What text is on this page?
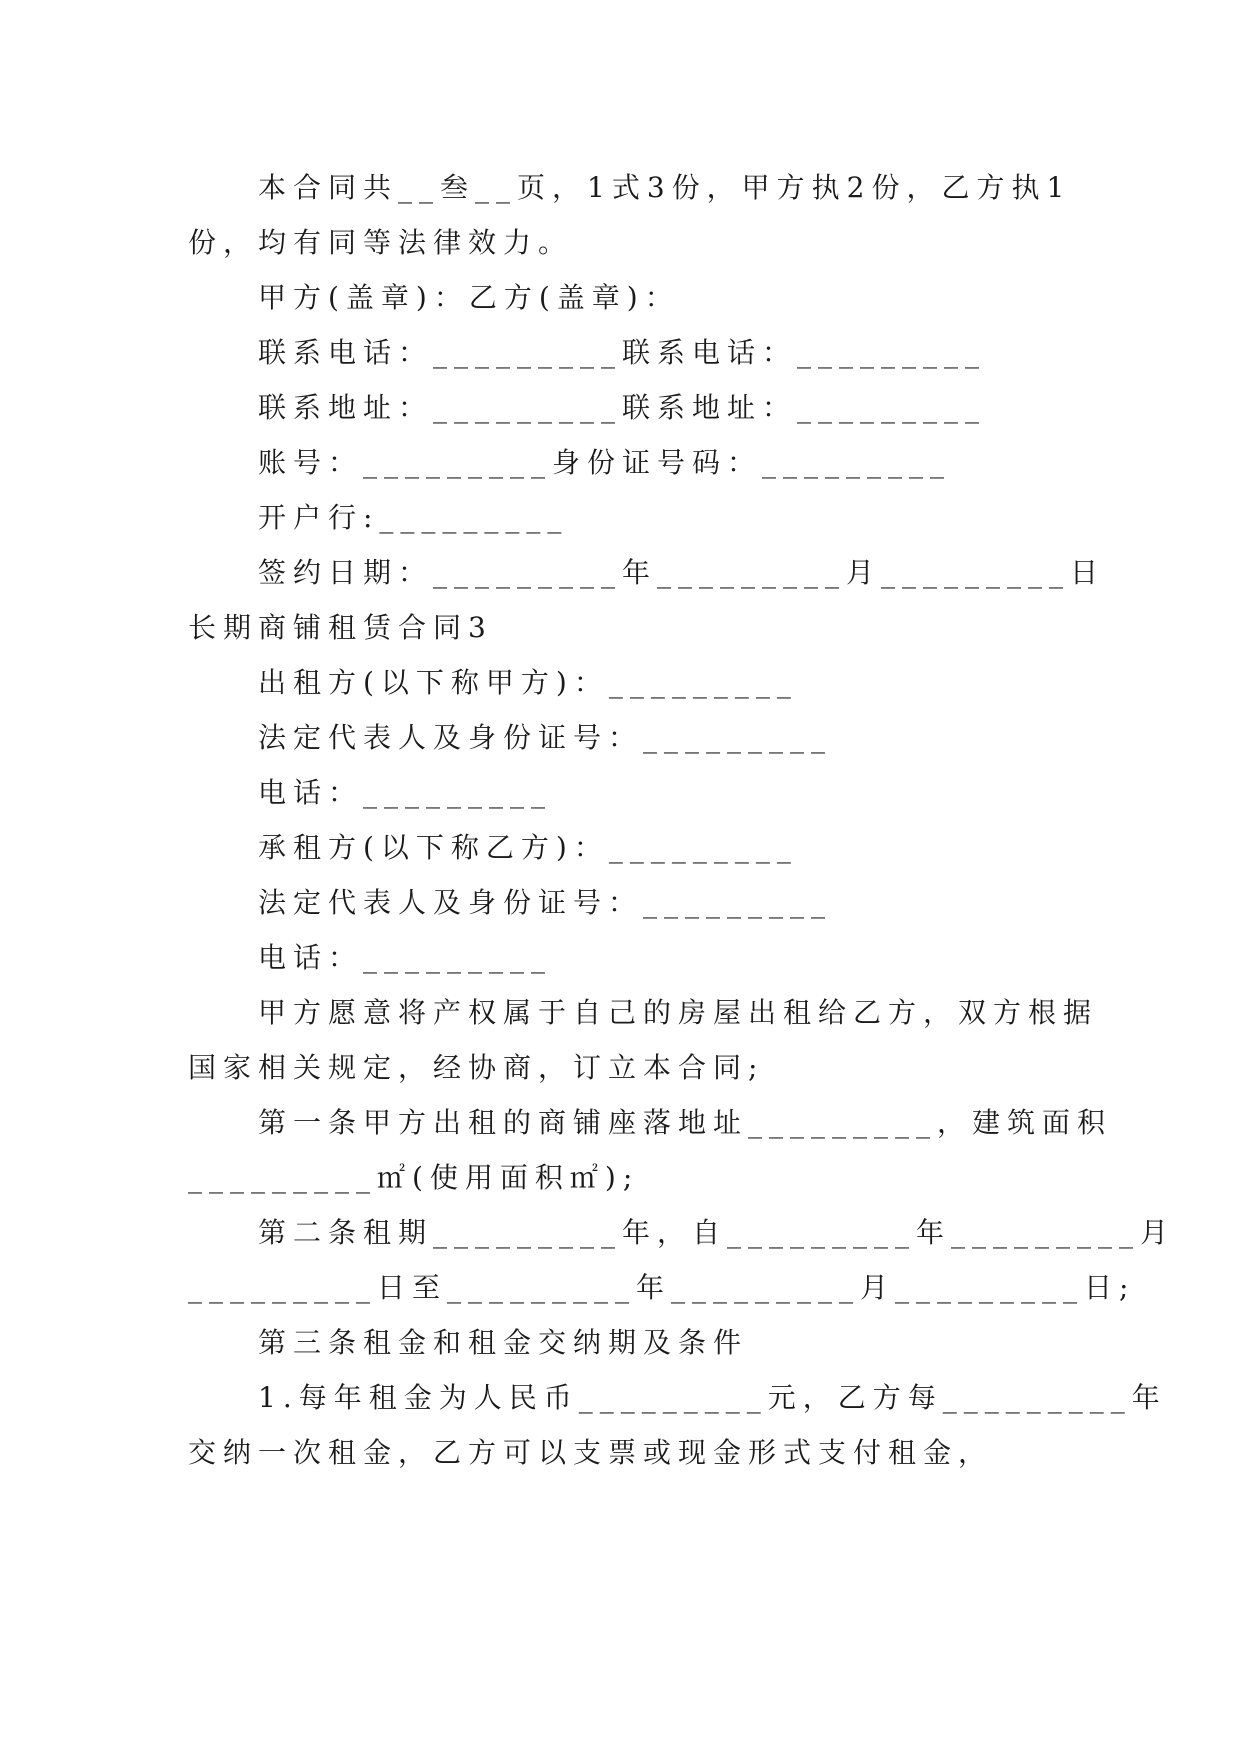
本合同共__叁__页，1式3份，甲方执2份，乙方执1
份，均有同等法律效力。
甲方(盖章)：乙方(盖章)：
联系电话：_________联系电话：_________
联系地址：_________联系地址：_________
账号：_________身份证号码：_________
开户行:_________
签约日期：_________年_________月_________日
长期商铺租赁合同3
出租方(以下称甲方)：_________
法定代表人及身份证号：_________
电话：_________
承租方(以下称乙方)：_________
法定代表人及身份证号：_________
电话：_________
甲方愿意将产权属于自己的房屋出租给乙方，双方根据
国家相关规定，经协商，订立本合同;
第一条甲方出租的商铺座落地址_________，建筑面积
_________㎡(使用面积㎡);
第二条租期_________年，自_________年_________月
_________日至_________年_________月_________日;
第三条租金和租金交纳期及条件
1.每年租金为人民币_________元，乙方每_________年
交纳一次租金，乙方可以支票或现金形式支付租金，
